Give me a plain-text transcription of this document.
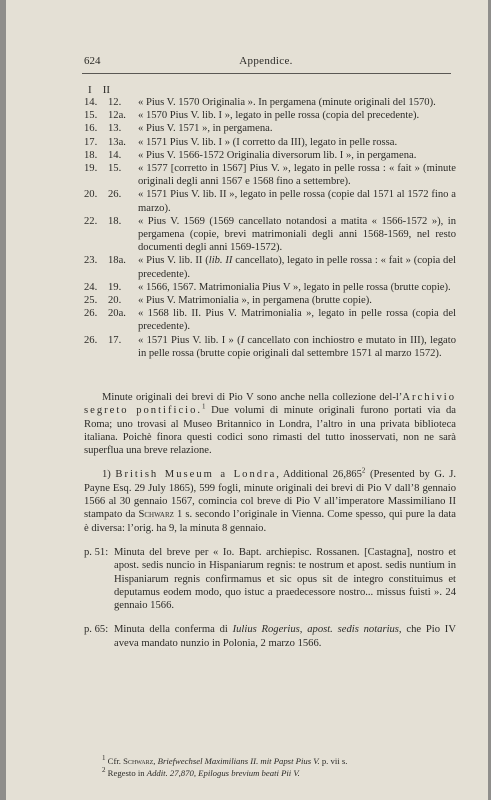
624	Appendice.
I II
14.	12.	« Pius V. 1570 Originalia ». In pergamena (minute originali del 1570).
15.	12a.	« 1570 Pius V. lib. I », legato in pelle rossa (copia del precedente).
16.	13.	« Pius V. 1571 », in pergamena.
17.	13a.	« 1571 Pius V. lib. I » (I corretto da III), legato in pelle rossa.
18.	14.	« Pius V. 1566-1572 Originalia diversorum lib. I », in pergamena.
19.	15.	« 1577 [corretto in 1567] Pius V. », legato in pelle rossa : « fait » (minute originali degli anni 1567 e 1568 fino a settembre).
20.	26.	« 1571 Pius V. lib. II », legato in pelle rossa (copie dal 1571 al 1572 fino a marzo).
22.	18.	« Pius V. 1569 (1569 cancellato notandosi a matita « 1566-1572 »), in pergamena (copie, brevi matrimoniali degli anni 1568-1569, nel resto documenti degli anni 1569-1572).
23.	18a.	« Pius V. lib. II (lib. II cancellato), legato in pelle rossa : « fait » (copia del precedente).
24.	19.	« 1566, 1567. Matrimonialia Pius V », legato in pelle rossa (brutte copie).
25.	20.	« Pius V. Matrimonialia », in pergamena (brutte copie).
26.	20a.	« 1568 lib. II. Pius V. Matrimonialia », legato in pelle rossa (copia del precedente).
26.	17.	« 1571 Pius V. lib. I » (I cancellato con inchiostro e mutato in III), legato in pelle rossa (brutte copie originali dal settembre 1571 al marzo 1572).

Minute originali dei brevi di Pio V sono anche nella collezione del-l’Archivio segreto pontificio.$^1$ Due volumi di minute originali furono portati via da Roma; uno trovasi al Museo Britannico in Londra, l’altro in una privata biblioteca italiana. Poichè finora questi codici sono rimasti del tutto inosservati, non ne sarà superflua una breve relazione.

1) British Museum a Londra, Additional 26,865$^2$ (Presented by G. J. Payne Esq. 29 July 1865), 599 fogli, minute originali dei brevi di Pio V dall’8 gennaio 1566 al 30 gennaio 1567, comincia col breve di Pio V all’imperatore Massimiliano II stampato da Schwarz 1 s. secondo l’originale in Vienna. Come spesso, qui pure la data è diversa: l’orig. ha 9, la minuta 8 gennaio.

p. 51: Minuta del breve per « Io. Bapt. archiepisc. Rossanen. [Castagna], nostro et apost. sedis nuncio in Hispaniarum regnis: te nostrum et apost. sedis nuntium in Hispaniarum regnis confirmamus et sic opus sit de integro constituimus et deputamus eodem modo, quo istuc a praedecessore nostro... missus fuisti ». 24 gennaio 1566.
p. 65: Minuta della conferma di Iulius Rogerius, apost. sedis notarius, che Pio IV aveva mandato nunzio in Polonia, 2 marzo 1566.
$^1$ Cfr. Schwarz, Briefwechsel Maximilians II. mit Papst Pius V. p. vii s.
$^2$ Regesto in Addit. 27,870, Epilogus brevium beati Pii V.
